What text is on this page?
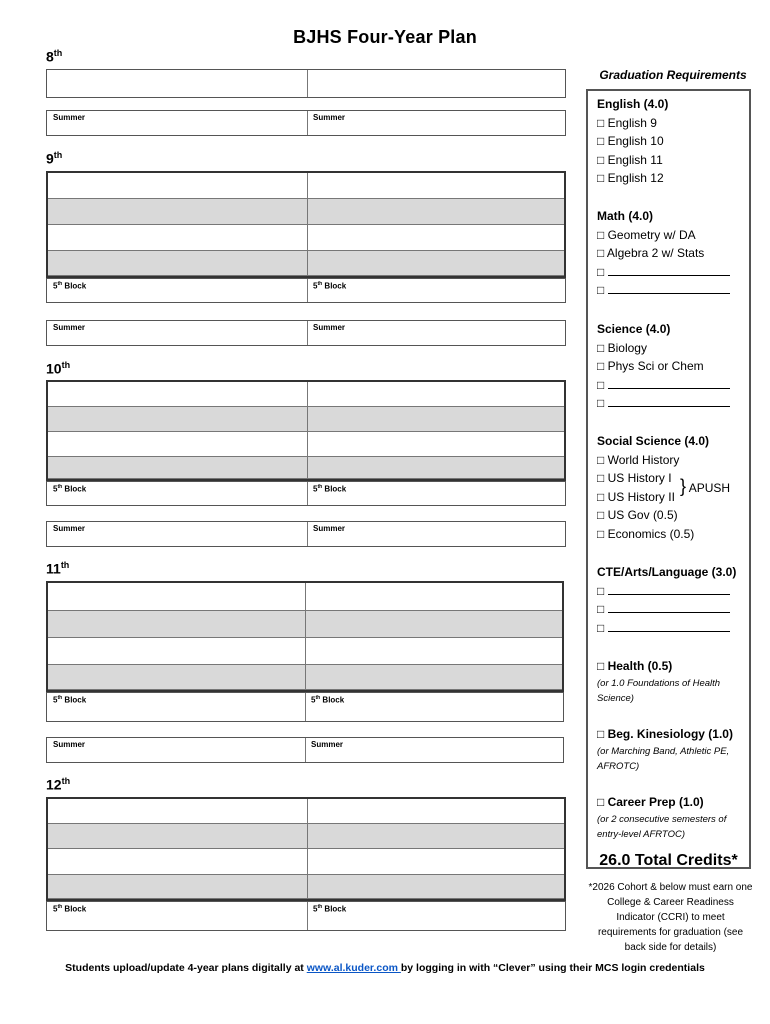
BJHS Four-Year Plan
8th
Summer	Summer
9th
5th Block	5th Block
Summer	Summer
10th
5th Block	5th Block
Summer	Summer
11th
5th Block	5th Block
Summer	Summer
12th
5th Block	5th Block
Graduation Requirements
English (4.0)
□ English 9
□ English 10
□ English 11
□ English 12
Math (4.0)
□ Geometry w/ DA
□ Algebra 2 w/ Stats
□
□
Science (4.0)
□ Biology
□ Phys Sci or Chem
□
□
Social Science (4.0)
□ World History
□ US History I
□ US History II
□ US Gov (0.5)
□ Economics (0.5)
} APUSH
CTE/Arts/Language (3.0)
□
□
□
□ Health (0.5)
(or 1.0 Foundations of Health Science)
□ Beg. Kinesiology (1.0)
(or Marching Band, Athletic PE, AFROTC)
□ Career Prep (1.0)
(or 2 consecutive semesters of entry-level AFRTOC)
26.0 Total Credits*
*2026 Cohort & below must earn one College & Career Readiness Indicator (CCRI) to meet requirements for graduation (see back side for details)
Students upload/update 4-year plans digitally at www.al.kuder.com by logging in with “Clever” using their MCS login credentials
